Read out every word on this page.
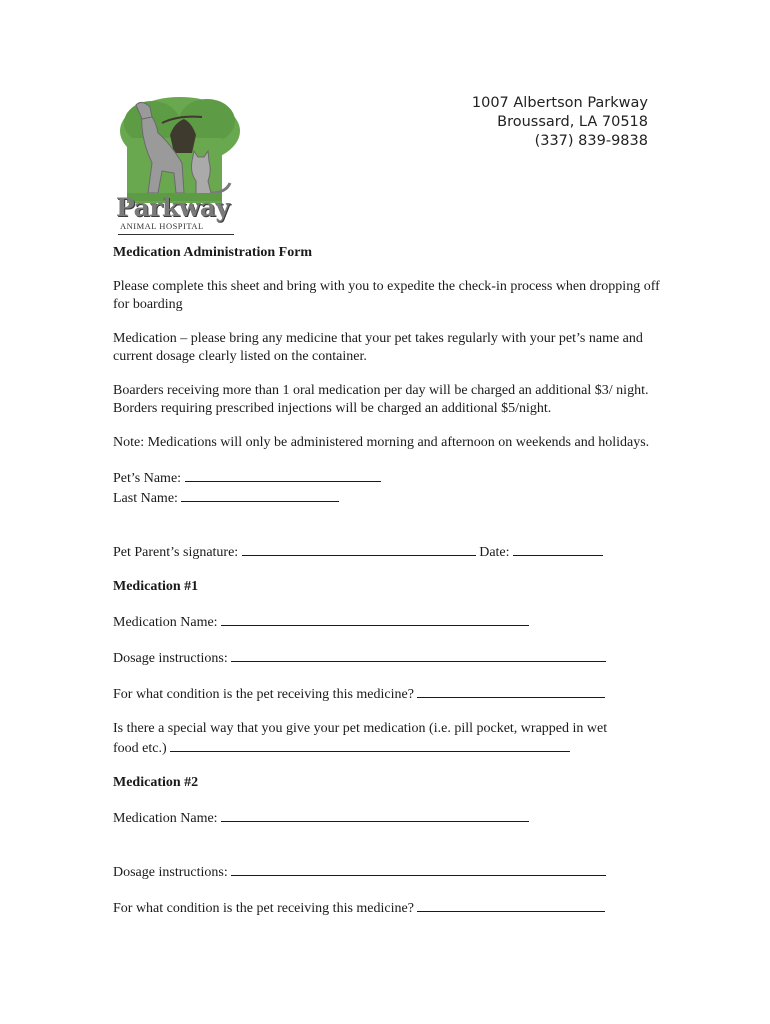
Parkway
ANIMAL HOSPITAL
1007 Albertson Parkway
Broussard, LA 70518
(337) 839-9838

Medication Administration Form

Please complete this sheet and bring with you to expedite the check-in process when dropping off for boarding

Medication – please bring any medicine that your pet takes regularly with your pet’s name and current dosage clearly listed on the container.

Boarders receiving more than 1 oral medication per day will be charged an additional $3/ night. Borders requiring prescribed injections will be charged an additional $5/night.

Note: Medications will only be administered morning and afternoon on weekends and holidays.

Pet’s Name:

Last Name:

Pet Parent’s signature:	Date:

Medication #1

Medication Name:

Dosage instructions:

For what condition is the pet receiving this medicine?

Is there a special way that you give your pet medication (i.e. pill pocket, wrapped in wet
food etc.)

Medication #2

Medication Name:

Dosage instructions:

For what condition is the pet receiving this medicine?
